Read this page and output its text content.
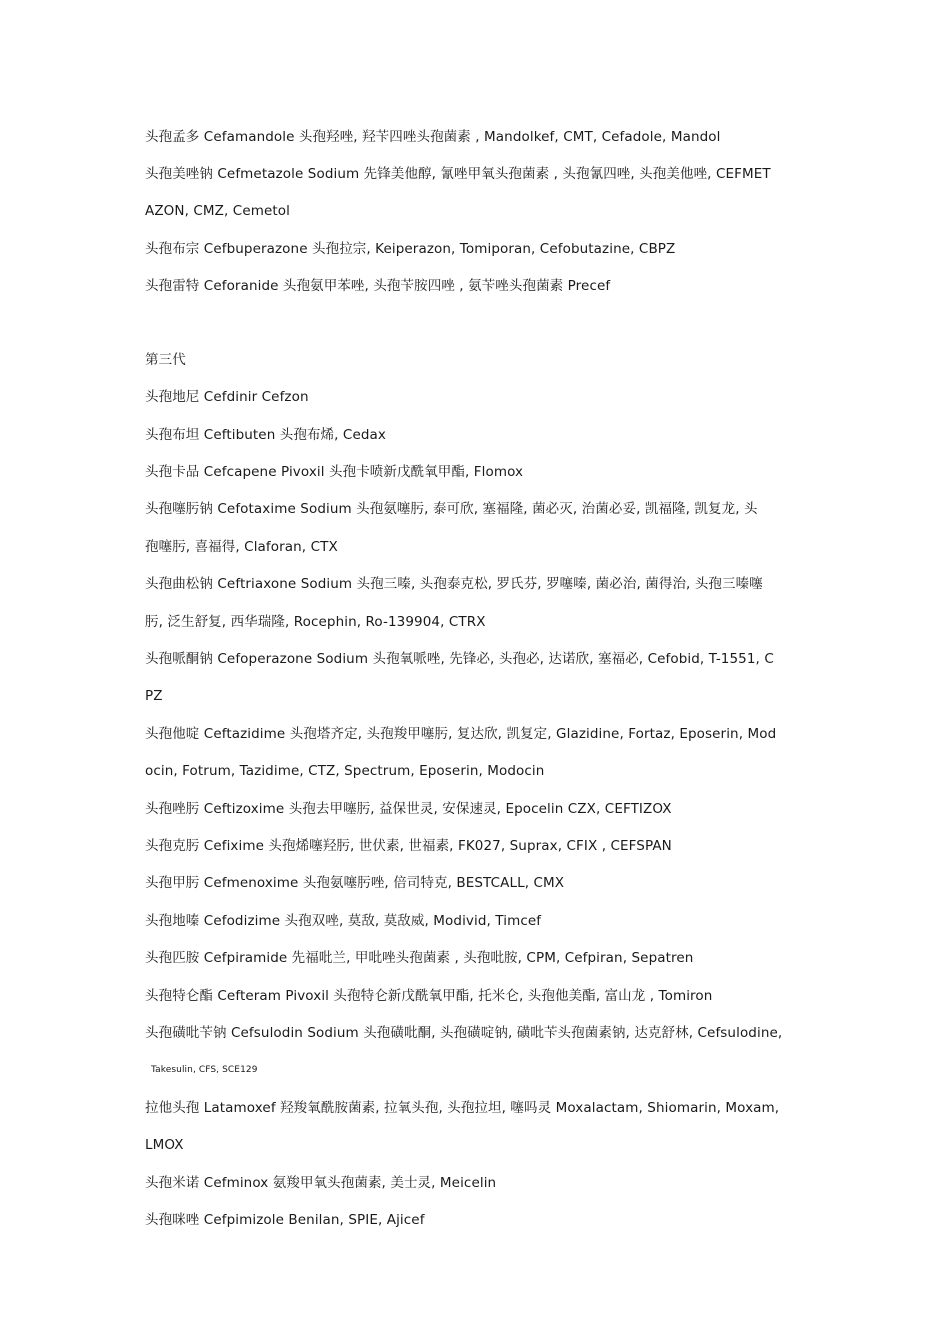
头孢孟多 Cefamandole 头孢羟唑, 羟苄四唑头孢菌素 , Mandolkef, CMT, Cefadole, Mandol
头孢美唑钠 Cefmetazole Sodium 先锋美他醇, 氰唑甲氧头孢菌素 , 头孢氰四唑, 头孢美他唑, CEFMET
AZON, CMZ, Cemetol
头孢布宗 Cefbuperazone 头孢拉宗, Keiperazon, Tomiporan, Cefobutazine, CBPZ
头孢雷特 Ceforanide 头孢氨甲苯唑, 头孢苄胺四唑 , 氨苄唑头孢菌素 Precef
第三代
头孢地尼 Cefdinir Cefzon
头孢布坦 Ceftibuten 头孢布烯, Cedax
头孢卡品 Cefcapene Pivoxil 头孢卡喷新戊酰氧甲酯, Flomox
头孢噻肟钠 Cefotaxime Sodium 头孢氨噻肟, 泰可欣, 塞福隆, 菌必灭, 治菌必妥, 凯福隆, 凯复龙, 头
孢噻肟, 喜福得, Claforan, CTX
头孢曲松钠 Ceftriaxone Sodium 头孢三嗪, 头孢泰克松, 罗氏芬, 罗噻嗪, 菌必治, 菌得治, 头孢三嗪噻
肟, 泛生舒复, 西华瑞隆, Rocephin, Ro-139904, CTRX
头孢哌酮钠 Cefoperazone Sodium 头孢氧哌唑, 先锋必, 头孢必, 达诺欣, 塞福必, Cefobid, T-1551, C
PZ
头孢他啶 Ceftazidime 头孢塔齐定, 头孢羧甲噻肟, 复达欣, 凯复定, Glazidine, Fortaz, Eposerin, Mod
ocin, Fotrum, Tazidime, CTZ, Spectrum, Eposerin, Modocin
头孢唑肟 Ceftizoxime 头孢去甲噻肟, 益保世灵, 安保速灵, Epocelin CZX, CEFTIZOX
头孢克肟 Cefixime 头孢烯噻羟肟, 世伏素, 世福素, FK027, Suprax, CFIX , CEFSPAN
头孢甲肟 Cefmenoxime 头孢氨噻肟唑, 倍司特克, BESTCALL, CMX
头孢地嗪 Cefodizime 头孢双唑, 莫敌, 莫敌威, Modivid, Timcef
头孢匹胺 Cefpiramide 先福吡兰, 甲吡唑头孢菌素 , 头孢吡胺, CPM, Cefpiran, Sepatren
头孢特仑酯 Cefteram Pivoxil 头孢特仑新戊酰氧甲酯, 托米仑, 头孢他美酯, 富山龙 , Tomiron
头孢磺吡苄钠 Cefsulodin Sodium 头孢磺吡酮, 头孢磺啶钠, 磺吡苄头孢菌素钠, 达克舒林, Cefsulodine,
Takesulin, CFS, SCE129
拉他头孢 Latamoxef 羟羧氧酰胺菌素, 拉氧头孢, 头孢拉坦, 噻吗灵 Moxalactam, Shiomarin, Moxam,
LMOX
头孢米诺 Cefminox 氨羧甲氧头孢菌素, 美士灵, Meicelin
头孢咪唑 Cefpimizole Benilan, SPIE, Ajicef
